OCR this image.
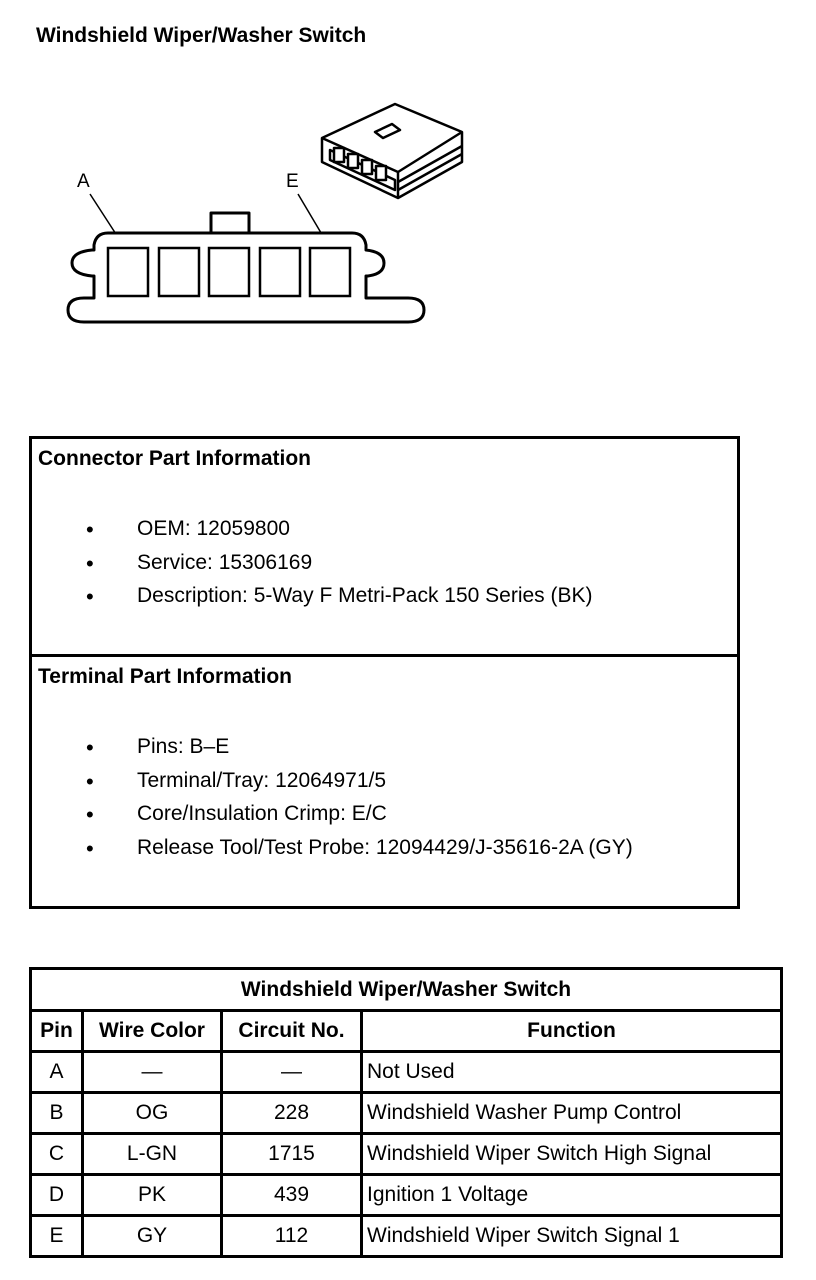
Windshield Wiper/Washer Switch
A	E
Connector Part Information
• OEM: 12059800
• Service: 15306169
• Description: 5-Way F Metri-Pack 150 Series (BK)
Terminal Part Information
• Pins: B–E
• Terminal/Tray: 12064971/5
• Core/Insulation Crimp: E/C
• Release Tool/Test Probe: 12094429/J-35616-2A (GY)
Windshield Wiper/Washer Switch			
Pin	Wire Color	Circuit No.	Function
A	—	—	Not Used
B	OG	228	Windshield Washer Pump Control
C	L-GN	1715	Windshield Wiper Switch High Signal
D	PK	439	Ignition 1 Voltage
E	GY	112	Windshield Wiper Switch Signal 1
